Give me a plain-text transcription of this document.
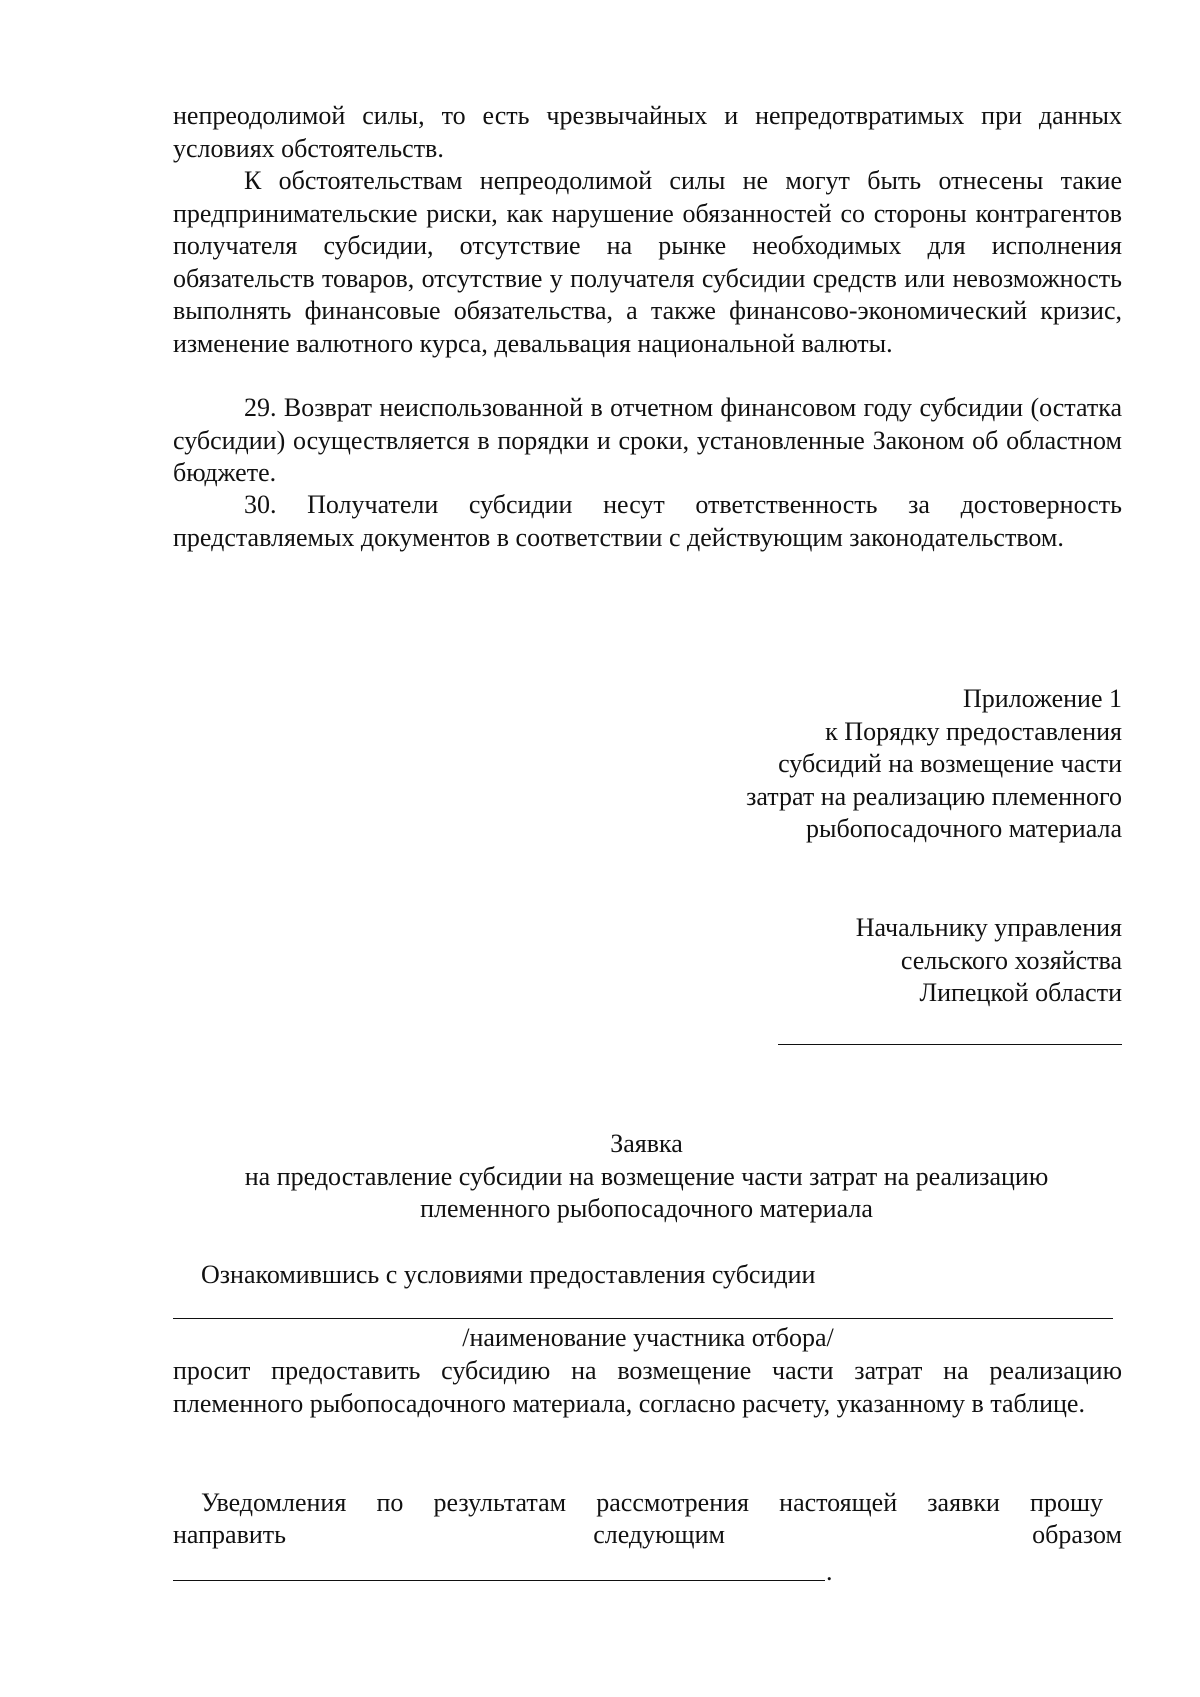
непреодолимой силы, то есть чрезвычайных и непредотвратимых при данных условиях обстоятельств.

К обстоятельствам непреодолимой силы не могут быть отнесены такие предпринимательские риски, как нарушение обязанностей со стороны контрагентов получателя субсидии, отсутствие на рынке необходимых для исполнения обязательств товаров, отсутствие у получателя субсидии средств или невозможность выполнять финансовые обязательства, а также финансово-экономический кризис, изменение валютного курса, девальвация национальной валюты.

29. Возврат неиспользованной в отчетном финансовом году субсидии (остатка субсидии) осуществляется в порядки и сроки, установленные Законом об областном бюджете.

30. Получатели субсидии несут ответственность за достоверность представляемых документов в соответствии с действующим законодательством.

Приложение 1

к Порядку предоставления

субсидий на возмещение части

затрат на реализацию племенного

рыбопосадочного материала

Начальнику управления

сельского хозяйства

Липецкой области

Заявка

на предоставление субсидии на возмещение части затрат на реализацию

племенного рыбопосадочного материала

Ознакомившись с условиями предоставления субсидии

/наименование участника отбора/

просит предоставить субсидию на возмещение части затрат на реализацию племенного рыбопосадочного материала, согласно расчету, указанному в таблице.

Уведомления по результатам рассмотрения настоящей заявки прошу

направить	следующим	образом

.
